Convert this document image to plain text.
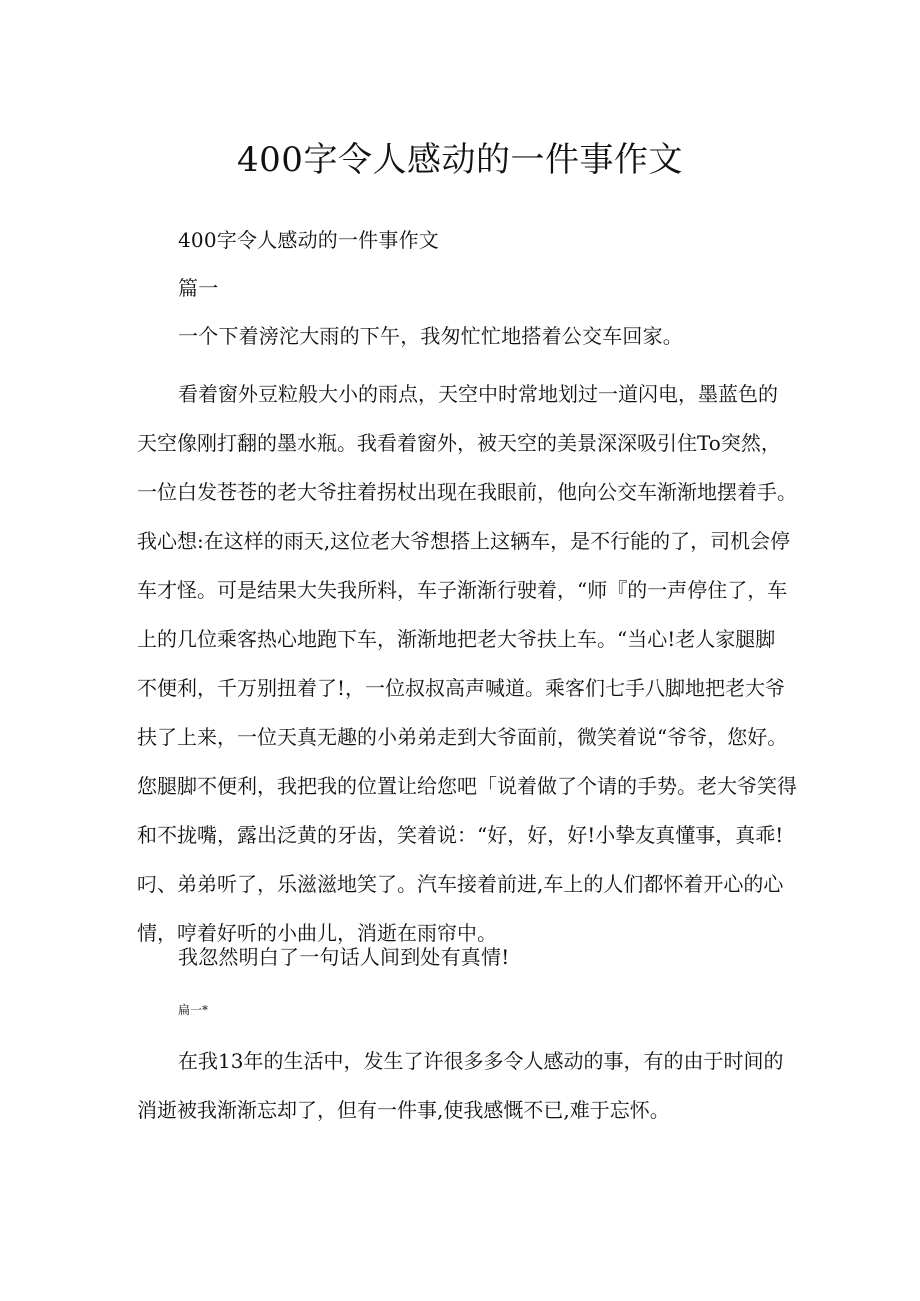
400字令人感动的一件事作文
400字令人感动的一件事作文
篇一
一个下着滂沱大雨的下午，我匆忙忙地搭着公交车回家。
看着窗外豆粒般大小的雨点，天空中时常地划过一道闪电，墨蓝色的
天空像刚打翻的墨水瓶。我看着窗外，被天空的美景深深吸引住To突然，
一位白发苍苍的老大爷拄着拐杖出现在我眼前，他向公交车渐渐地摆着手。
我心想:在这样的雨天,这位老大爷想搭上这辆车，是不行能的了，司机会停
车才怪。可是结果大失我所料，车子渐渐行驶着，“师『的一声停住了，车
上的几位乘客热心地跑下车，渐渐地把老大爷扶上车。“当心!老人家腿脚
不便利，千万别扭着了!，一位叔叔高声喊道。乘客们七手八脚地把老大爷
扶了上来，一位天真无趣的小弟弟走到大爷面前，微笑着说“爷爷，您好。
您腿脚不便利，我把我的位置让给您吧「说着做了个请的手势。老大爷笑得
和不拢嘴，露出泛黄的牙齿，笑着说：“好，好，好!小挚友真懂事，真乖!
叼、弟弟听了，乐滋滋地笑了。汽车接着前进,车上的人们都怀着开心的心
情，哼着好听的小曲儿，消逝在雨帘中。
我忽然明白了一句话人间到处有真情!
扁一*
在我13年的生活中，发生了许很多多令人感动的事，有的由于时间的
消逝被我渐渐忘却了，但有一件事,使我感慨不已,难于忘怀。
